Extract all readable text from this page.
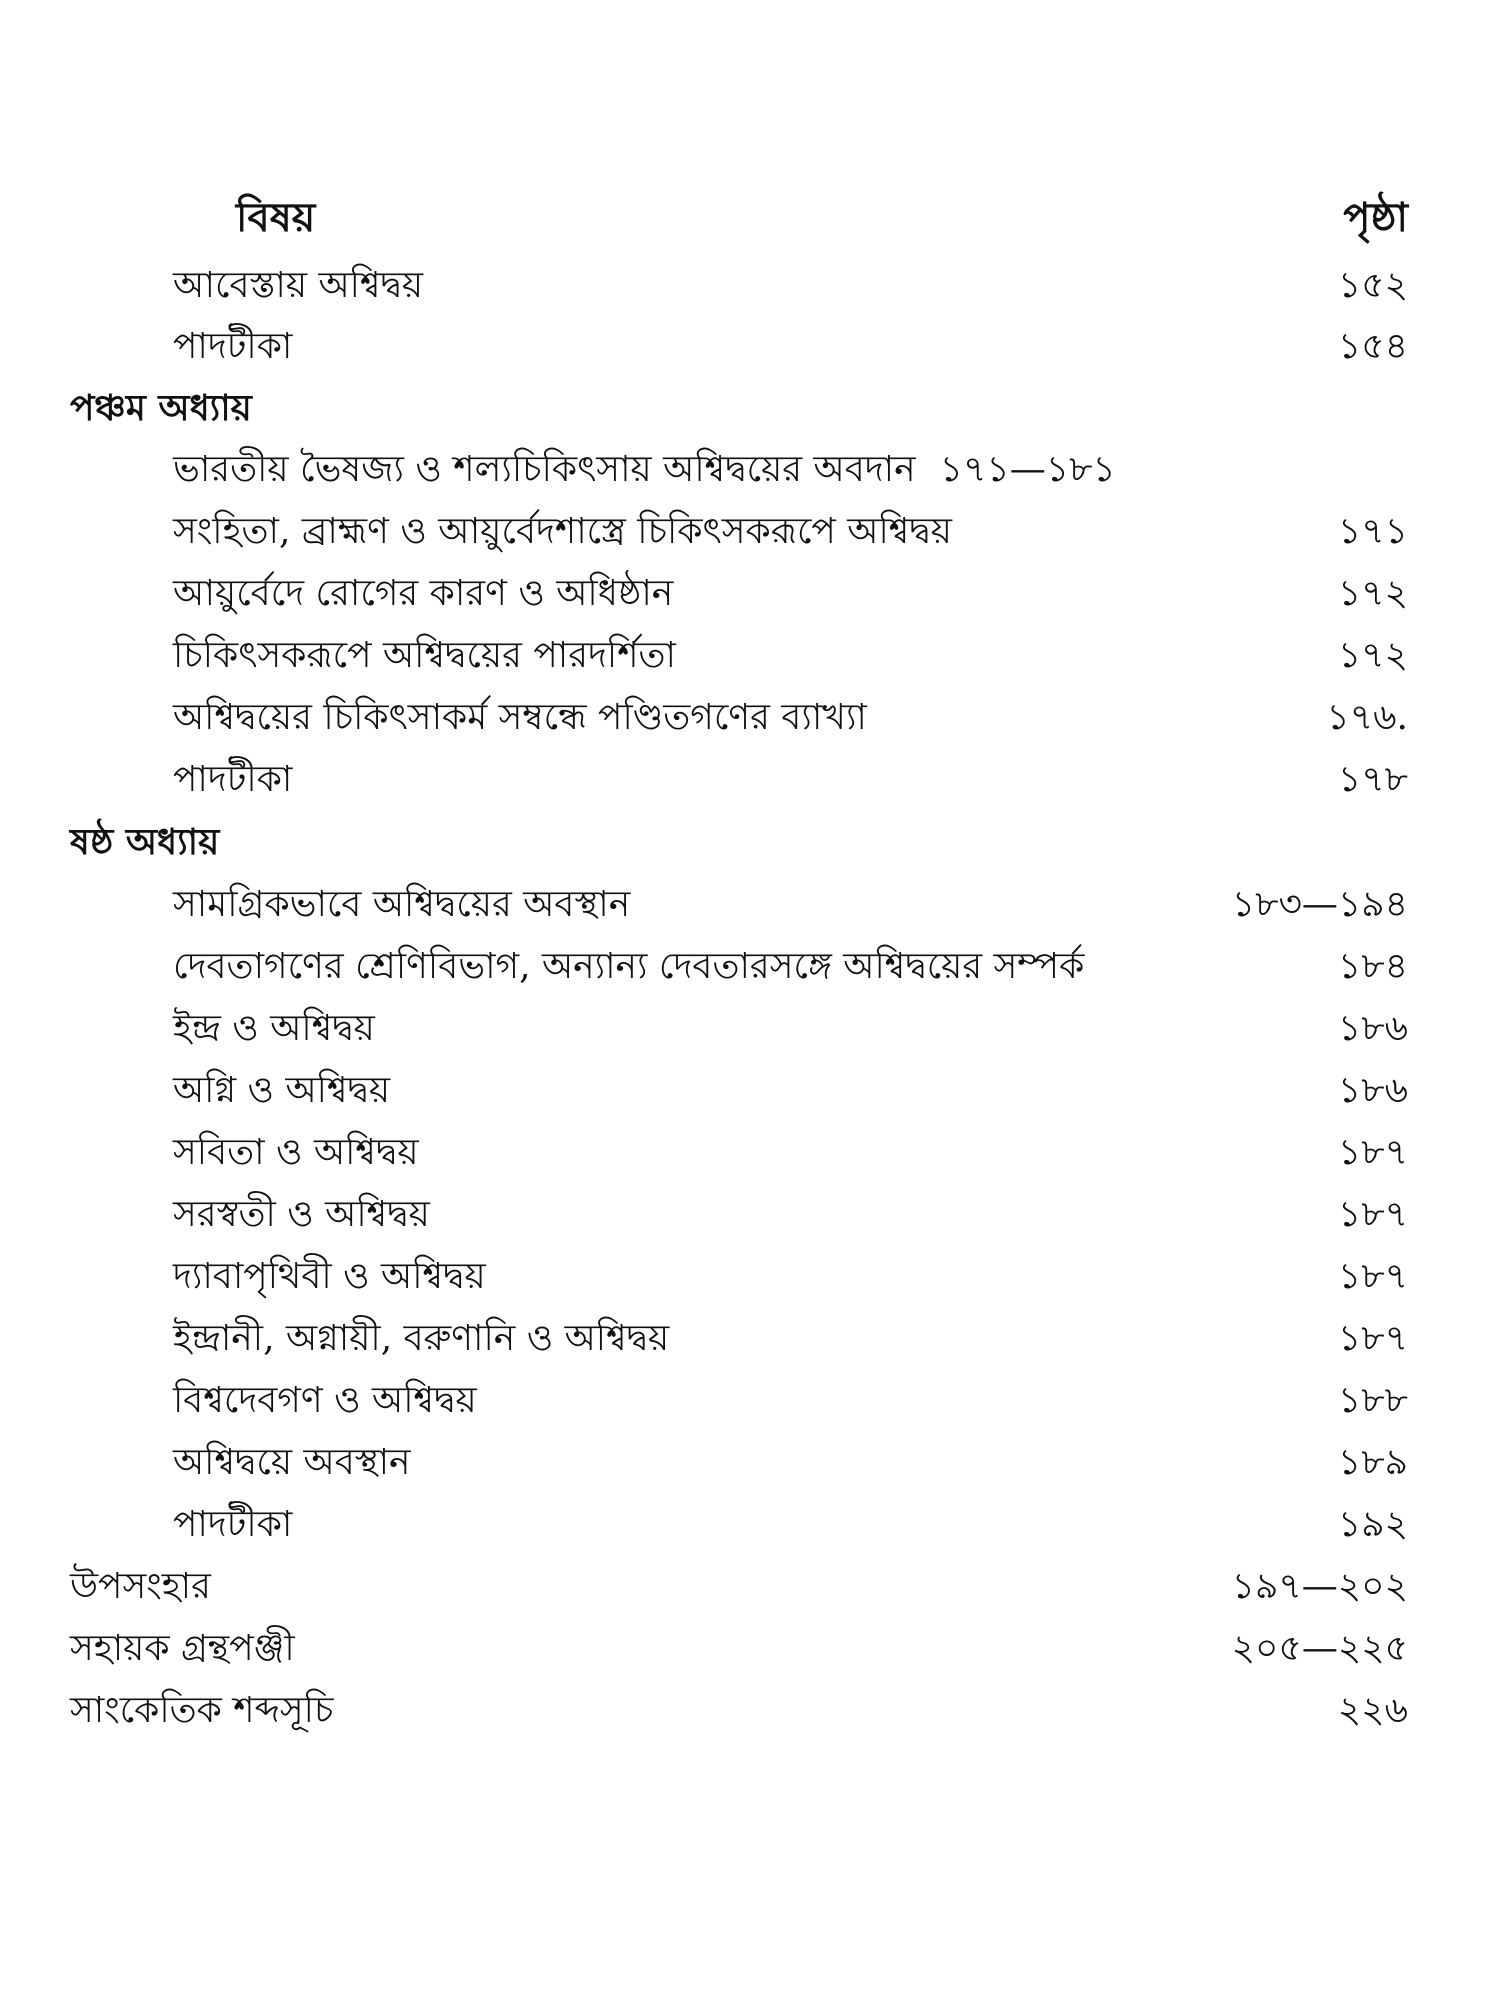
বিষয়	পৃষ্ঠা
আবেস্তায় অশ্বিদ্বয়	১৫২
পাদটীকা	১৫৪
পঞ্চম অধ্যায়
ভারতীয় ভৈষজ্য ও শল্যচিকিৎসায় অশ্বিদ্বয়ের অবদান ১৭১—১৮১
সংহিতা, ব্রাহ্মণ ও আয়ুর্বেদশাস্ত্রে চিকিৎসকরূপে অশ্বিদ্বয়	১৭১
আয়ুর্বেদে রোগের কারণ ও অধিষ্ঠান	১৭২
চিকিৎসকরূপে অশ্বিদ্বয়ের পারদর্শিতা	১৭২
অশ্বিদ্বয়ের চিকিৎসাকর্ম সম্বন্ধে পণ্ডিতগণের ব্যাখ্যা	১৭৬.
পাদটীকা	১৭৮
ষষ্ঠ অধ্যায়
সামগ্রিকভাবে অশ্বিদ্বয়ের অবস্থান	১৮৩—১৯৪
দেবতাগণের শ্রেণিবিভাগ, অন্যান্য দেবতারসঙ্গে অশ্বিদ্বয়ের সম্পর্ক	১৮৪
ইন্দ্র ও অশ্বিদ্বয়	১৮৬
অগ্নি ও অশ্বিদ্বয়	১৮৬
সবিতা ও অশ্বিদ্বয়	১৮৭
সরস্বতী ও অশ্বিদ্বয়	১৮৭
দ্যাবাপৃথিবী ও অশ্বিদ্বয়	১৮৭
ইন্দ্রানী, অগ্নায়ী, বরুণানি ও অশ্বিদ্বয়	১৮৭
বিশ্বদেবগণ ও অশ্বিদ্বয়	১৮৮
অশ্বিদ্বয়ে অবস্থান	১৮৯
পাদটীকা	১৯২
উপসংহার	১৯৭—২০২
সহায়ক গ্রন্থপঞ্জী	২০৫—২২৫
সাংকেতিক শব্দসূচি	২২৬
